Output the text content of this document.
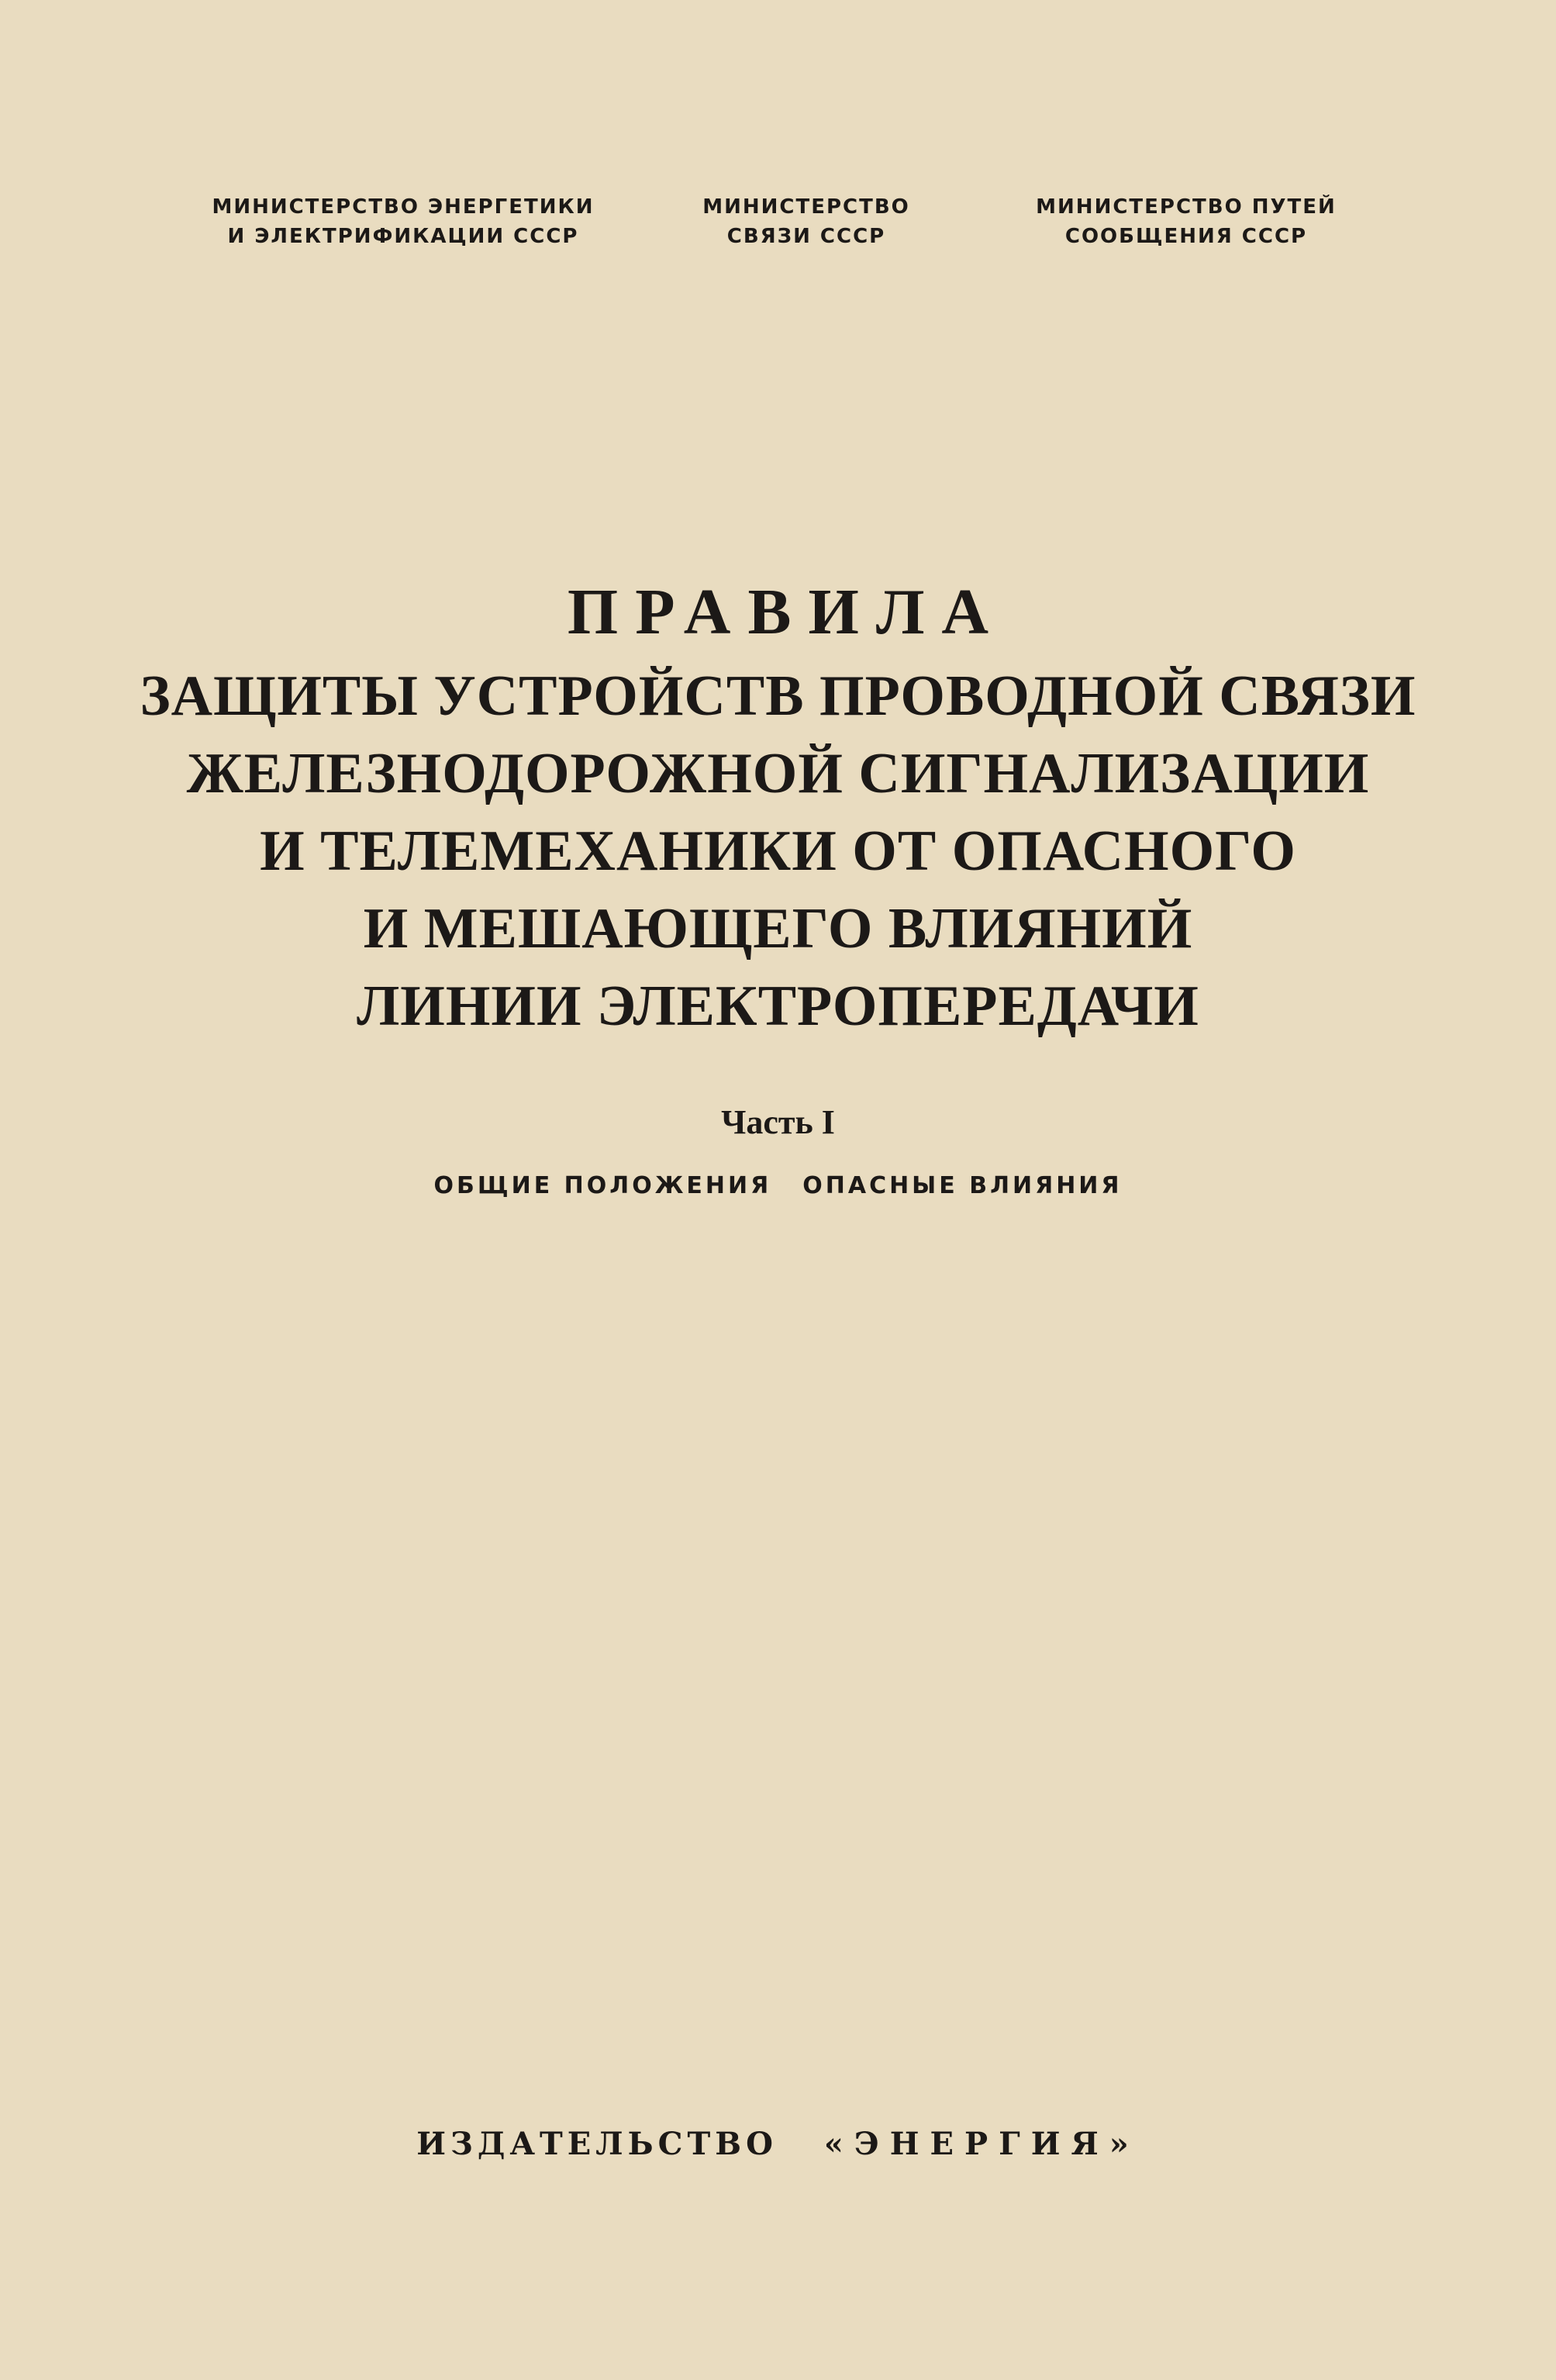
МИНИСТЕРСТВО ЭНЕРГЕТИКИ
И ЭЛЕКТРИФИКАЦИИ СССР
МИНИСТЕРСТВО
СВЯЗИ СССР
МИНИСТЕРСТВО ПУТЕЙ
СООБЩЕНИЯ СССР
ПРАВИЛА
ЗАЩИТЫ УСТРОЙСТВ ПРОВОДНОЙ СВЯЗИ
ЖЕЛЕЗНОДОРОЖНОЙ СИГНАЛИЗАЦИИ
И ТЕЛЕМЕХАНИКИ ОТ ОПАСНОГО
И МЕШАЮЩЕГО ВЛИЯНИЙ
ЛИНИИ ЭЛЕКТРОПЕРЕДАЧИ
Часть I
ОБЩИЕ ПОЛОЖЕНИЯ ОПАСНЫЕ ВЛИЯНИЯ
ИЗДАТЕЛЬСТВО «ЭНЕРГИЯ»
